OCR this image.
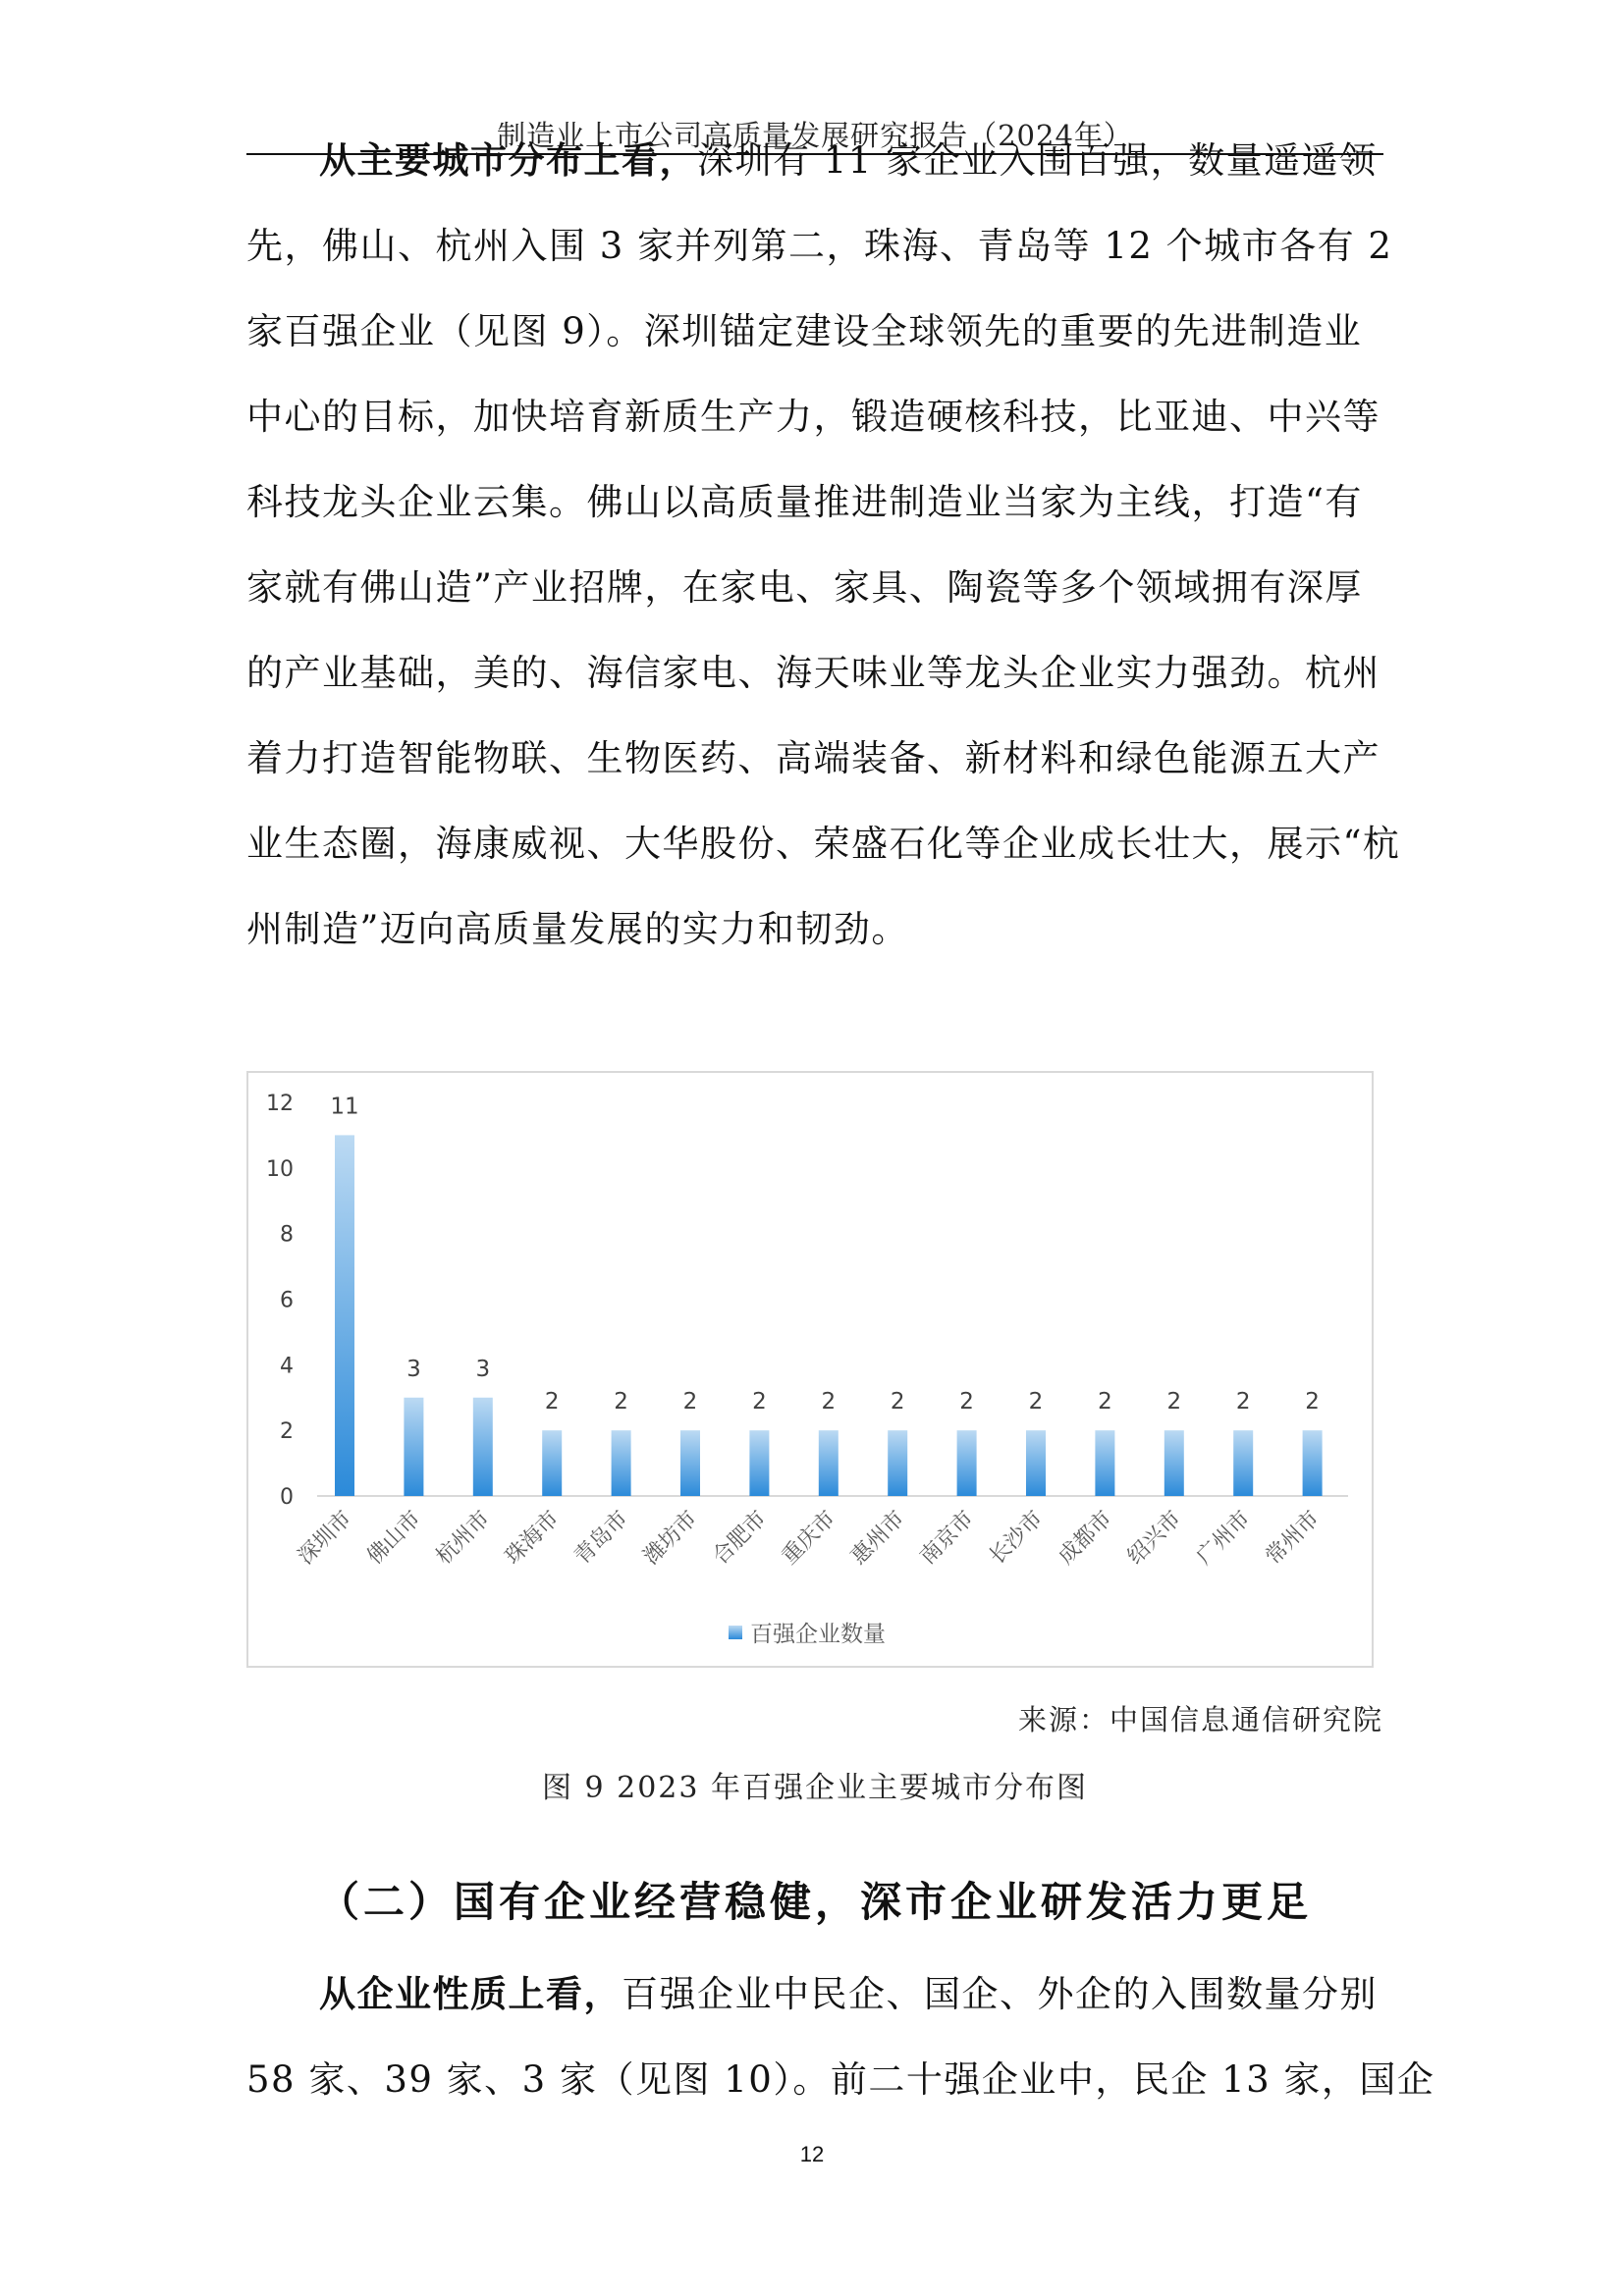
制造业上市公司高质量发展研究报告（2024年）
从主要城市分布上看，深圳有 11 家企业入围百强，数量遥遥领
先，佛山、杭州入围 3 家并列第二，珠海、青岛等 12 个城市各有 2
家百强企业（见图 9）。深圳锚定建设全球领先的重要的先进制造业
中心的目标，加快培育新质生产力，锻造硬核科技，比亚迪、中兴等
科技龙头企业云集。佛山以高质量推进制造业当家为主线，打造“有
家就有佛山造”产业招牌，在家电、家具、陶瓷等多个领域拥有深厚
的产业基础，美的、海信家电、海天味业等龙头企业实力强劲。杭州
着力打造智能物联、生物医药、高端装备、新材料和绿色能源五大产
业生态圈，海康威视、大华股份、荣盛石化等企业成长壮大，展示“杭
州制造”迈向高质量发展的实力和韧劲。
0
2
4
6
8
10
12 11
3 3
2 2 2 2 2 2 2 2 2 2 2 2
深圳市 佛山市 杭州市 珠海市 青岛市 潍坊市 合肥市 重庆市 惠州市 南京市 长沙市 成都市 绍兴市 广州市 常州市
百强企业数量
来源：中国信息通信研究院
图 9 2023 年百强企业主要城市分布图
（二）国有企业经营稳健，深市企业研发活力更足
从企业性质上看，百强企业中民企、国企、外企的入围数量分别
58 家、39 家、3 家（见图 10）。前二十强企业中，民企 13 家，国企
12
